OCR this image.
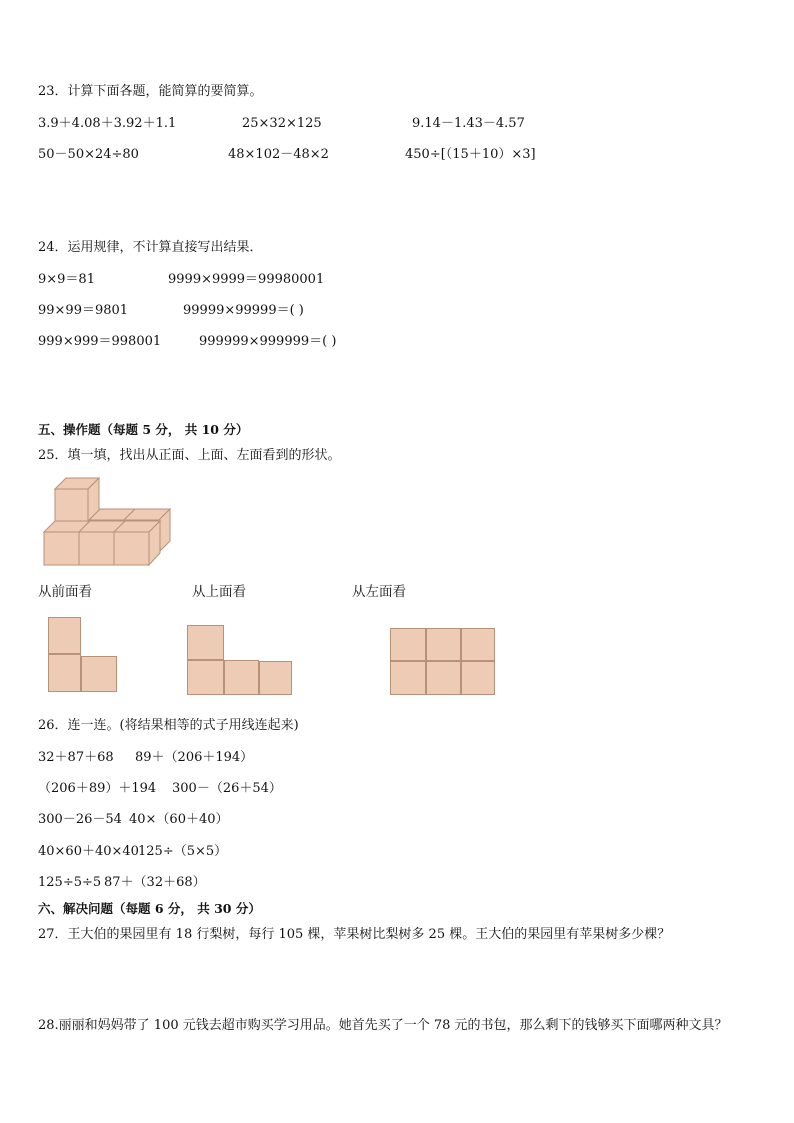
23．计算下面各题，能简算的要简算。
3.9＋4.08＋3.92＋1.1	25×32×125	9.14－1.43－4.57
50－50×24÷80	48×102－48×2	450÷[（15＋10）×3]
24．运用规律，不计算直接写出结果．
9×9＝81	9999×9999＝99980001
99×99＝9801	99999×99999＝( )
999×999＝998001	999999×999999＝( )
五、操作题（每题 5 分， 共 10 分）
25．填一填，找出从正面、上面、左面看到的形状。
从前面看	从上面看	从左面看
26．连一连。(将结果相等的式子用线连起来)
32＋87＋68 89＋（206＋194）
（206＋89）＋194 300－（26＋54）
300－26－54 40×（60＋40）
40×60＋40×40 125÷（5×5）
125÷5÷5 87＋（32＋68）
六、解决问题（每题 6 分， 共 30 分）
27．王大伯的果园里有 18 行梨树，每行 105 棵，苹果树比梨树多 25 棵。王大伯的果园里有苹果树多少棵？
28.丽丽和妈妈带了 100 元钱去超市购买学习用品。她首先买了一个 78 元的书包，那么剩下的钱够买下面哪两种文具？
